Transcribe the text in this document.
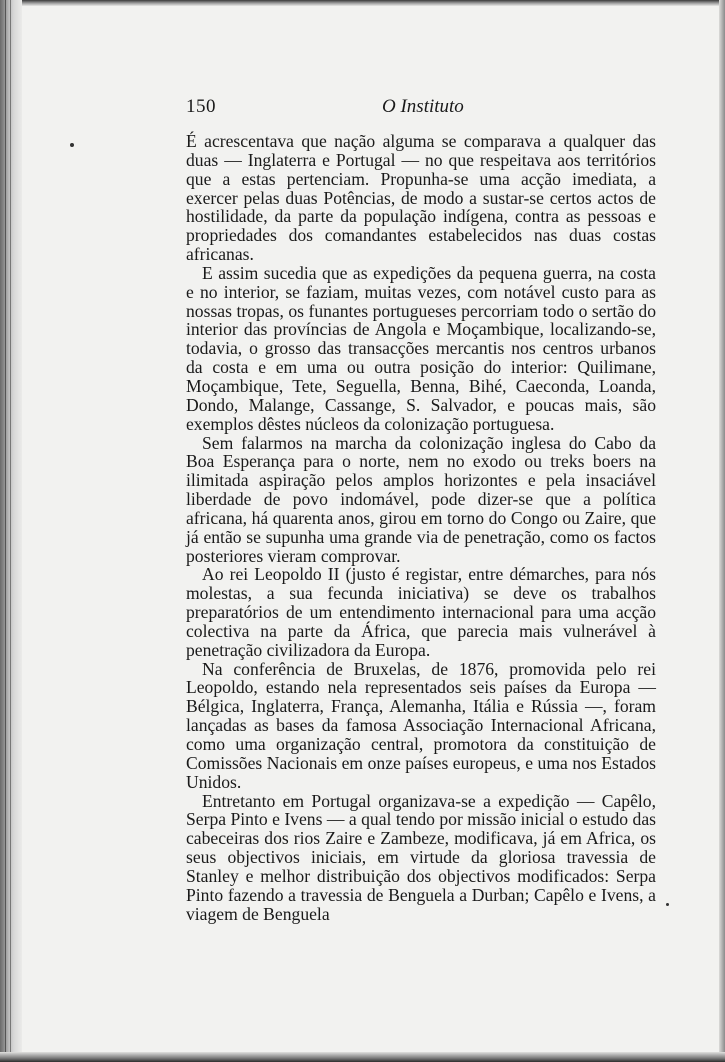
150	O Instituto

É acrescentava que nação alguma se comparava a qualquer das duas — Inglaterra e Portugal — no que respeitava aos territórios que a estas pertenciam. Propunha-se uma acção imediata, a exercer pelas duas Potências, de modo a sustar-se certos actos de hostilidade, da parte da população indígena, contra as pessoas e propriedades dos comandantes estabelecidos nas duas costas africanas.

E assim sucedia que as expedições da pequena guerra, na costa e no interior, se faziam, muitas vezes, com notável custo para as nossas tropas, os funantes portugueses percorriam todo o sertão do interior das províncias de Angola e Moçambique, localizando-se, todavia, o grosso das transacções mercantis nos centros urbanos da costa e em uma ou outra posição do interior: Quilimane, Moçambique, Tete, Seguella, Benna, Bihé, Caeconda, Loanda, Dondo, Malange, Cassange, S. Salvador, e poucas mais, são exemplos dêstes núcleos da colonização portuguesa.

Sem falarmos na marcha da colonização inglesa do Cabo da Boa Esperança para o norte, nem no exodo ou treks boers na ilimitada aspiração pelos amplos horizontes e pela insaciável liberdade de povo indomável, pode dizer-se que a política africana, há quarenta anos, girou em torno do Congo ou Zaire, que já então se supunha uma grande via de penetração, como os factos posteriores vieram comprovar.

Ao rei Leopoldo II (justo é registar, entre démarches, para nós molestas, a sua fecunda iniciativa) se deve os trabalhos preparatórios de um entendimento internacional para uma acção colectiva na parte da África, que parecia mais vulnerável à penetração civilizadora da Europa.

Na conferência de Bruxelas, de 1876, promovida pelo rei Leopoldo, estando nela representados seis países da Europa — Bélgica, Inglaterra, França, Alemanha, Itália e Rússia —, foram lançadas as bases da famosa Associação Internacional Africana, como uma organização central, promotora da constituição de Comissões Nacionais em onze países europeus, e uma nos Estados Unidos.

Entretanto em Portugal organizava-se a expedição — Capêlo, Serpa Pinto e Ivens — a qual tendo por missão inicial o estudo das cabeceiras dos rios Zaire e Zambeze, modificava, já em Africa, os seus objectivos iniciais, em virtude da gloriosa travessia de Stanley e melhor distribuição dos objectivos modificados: Serpa Pinto fazendo a travessia de Benguela a Durban; Capêlo e Ivens, a viagem de Benguela
